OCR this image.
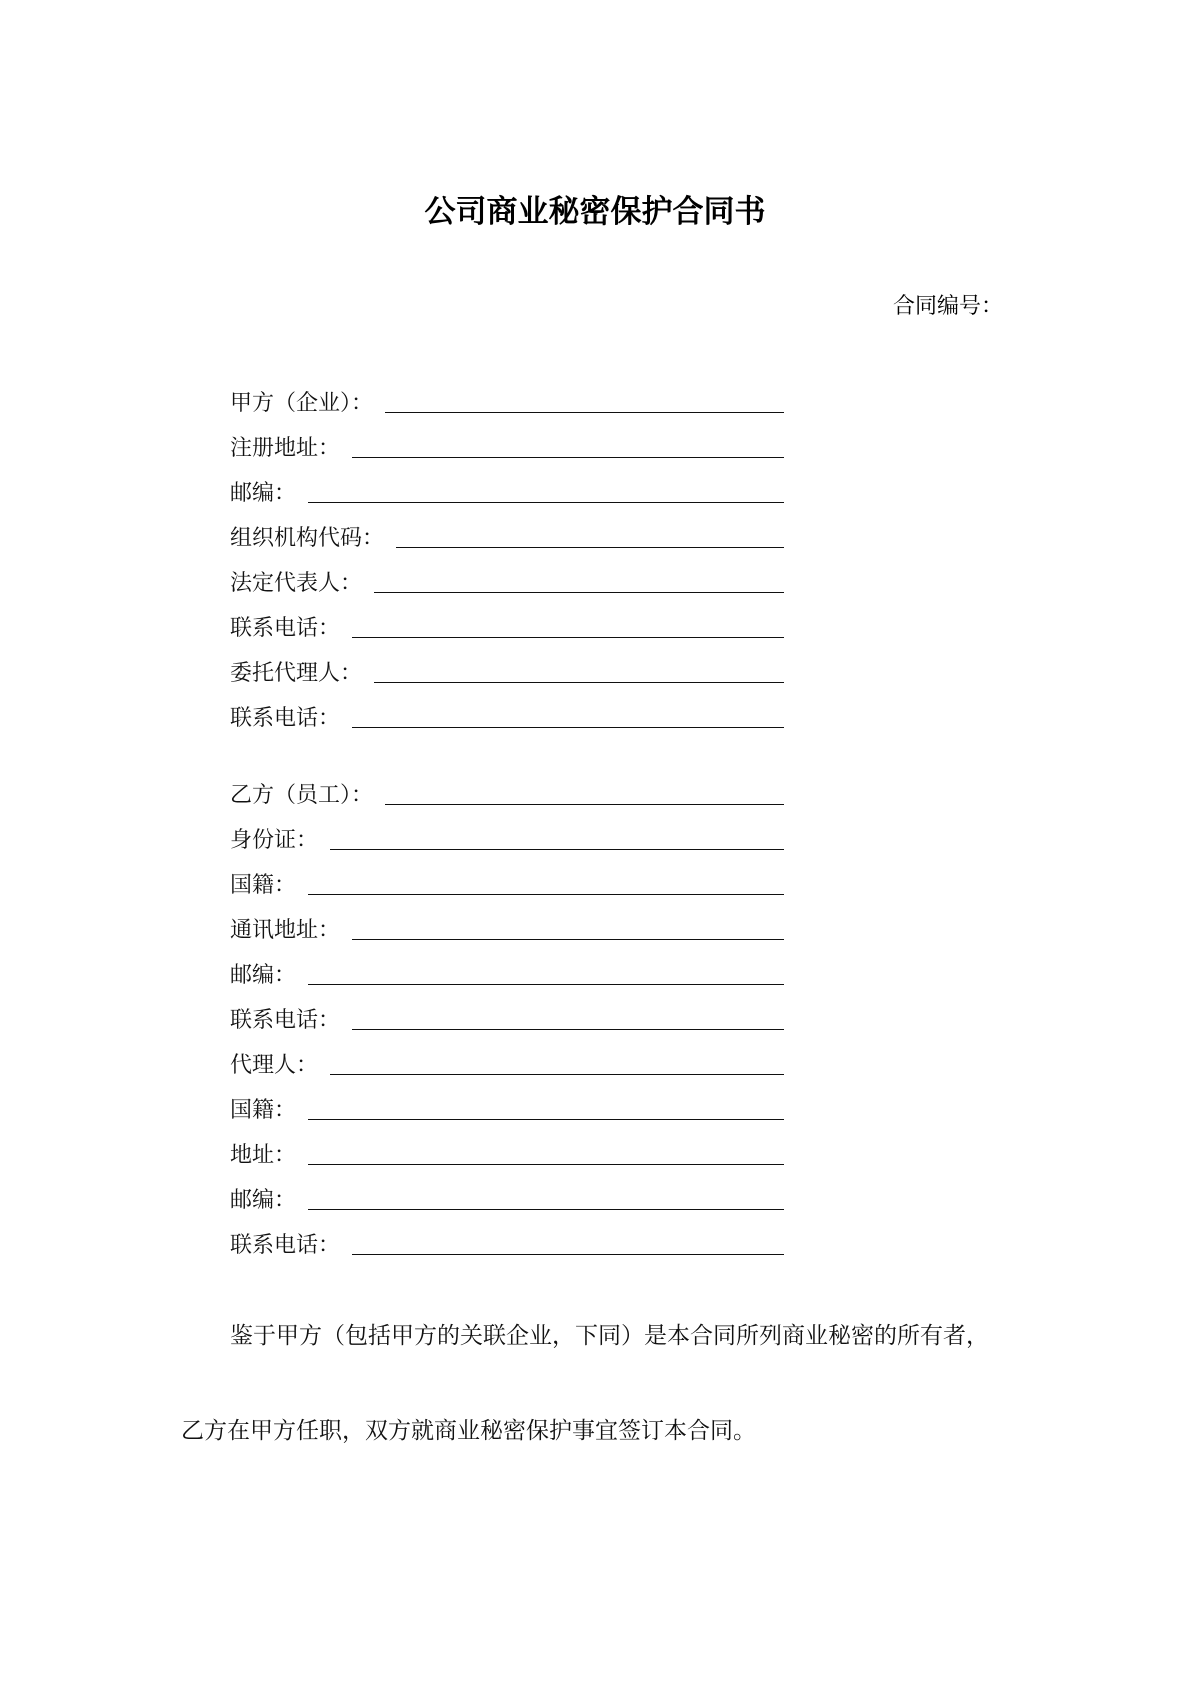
公司商业秘密保护合同书
合同编号：
甲方（企业）：
注册地址：
邮编：
组织机构代码：
法定代表人：
联系电话：
委托代理人：
联系电话：
乙方（员工）：
身份证：
国籍：
通讯地址：
邮编：
联系电话：
代理人：
国籍：
地址：
邮编：
联系电话：
鉴于甲方（包括甲方的关联企业，下同）是本合同所列商业秘密的所有者，
乙方在甲方任职，双方就商业秘密保护事宜签订本合同。
